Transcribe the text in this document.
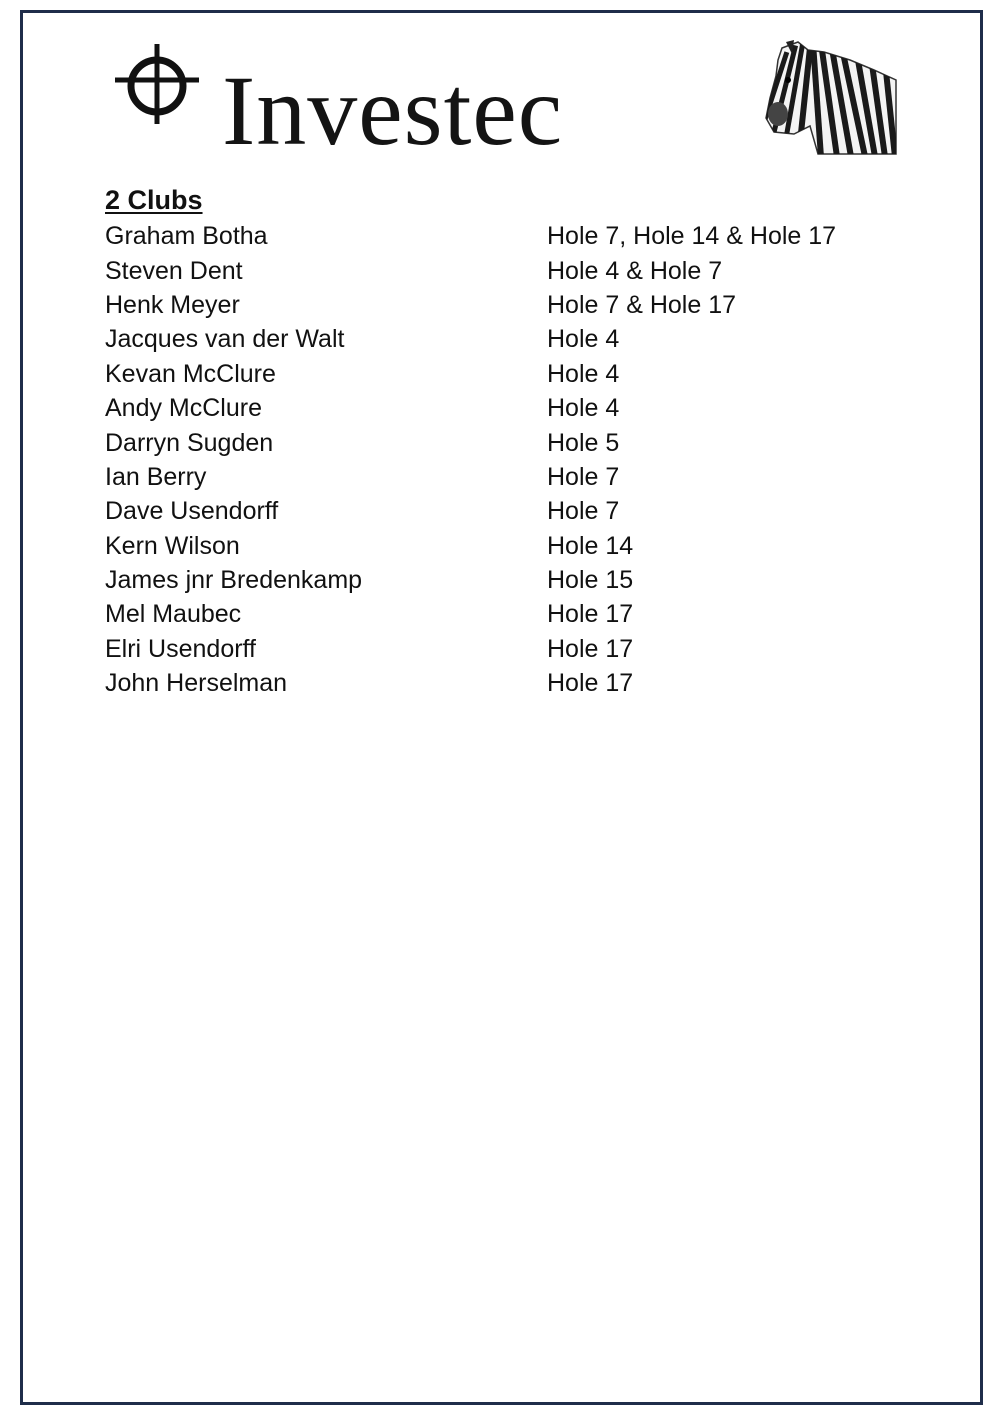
Investec
2 Clubs
Graham Botha	Hole 7, Hole 14 & Hole 17
Steven Dent	Hole 4 & Hole 7
Henk Meyer	Hole 7 & Hole 17
Jacques van der Walt	Hole 4
Kevan McClure	Hole 4
Andy McClure	Hole 4
Darryn Sugden	Hole 5
Ian Berry	Hole 7
Dave Usendorff	Hole 7
Kern Wilson	Hole 14
James jnr Bredenkamp	Hole 15
Mel Maubec	Hole 17
Elri Usendorff	Hole 17
John Herselman	Hole 17
